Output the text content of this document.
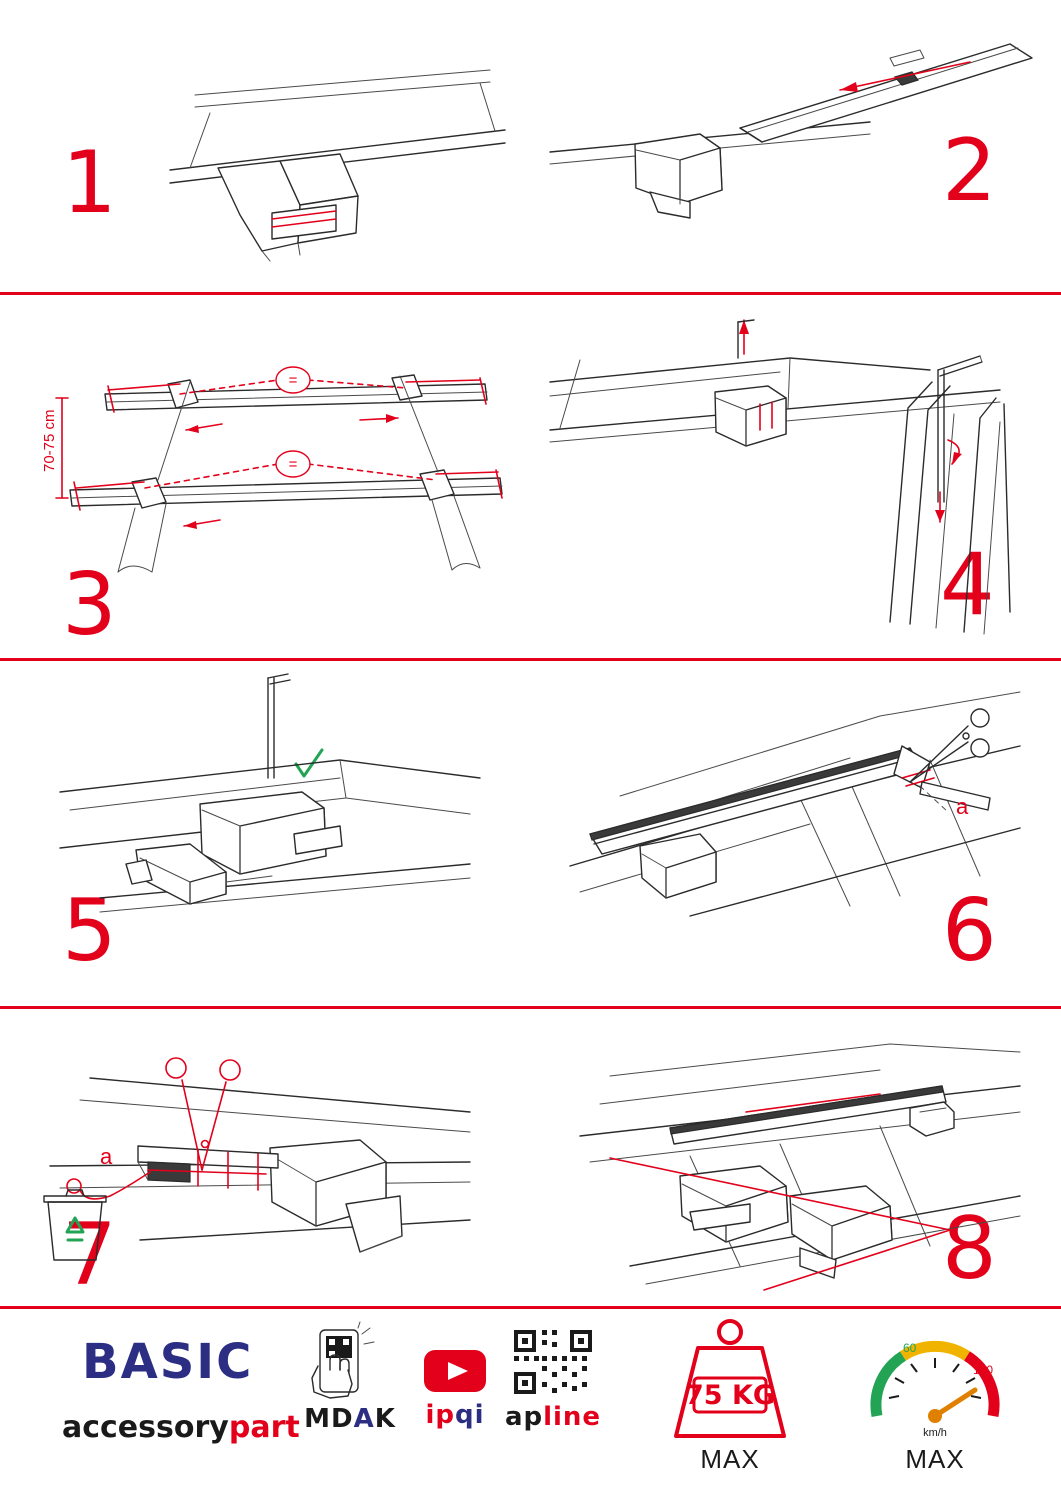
1	2
3
=
=
70-75 cm
4
5	6
a
7
a
8
BASIC
accessorypart MDAK	ipqi apline
75 KG
MAX
60
120
km/h
MAX
